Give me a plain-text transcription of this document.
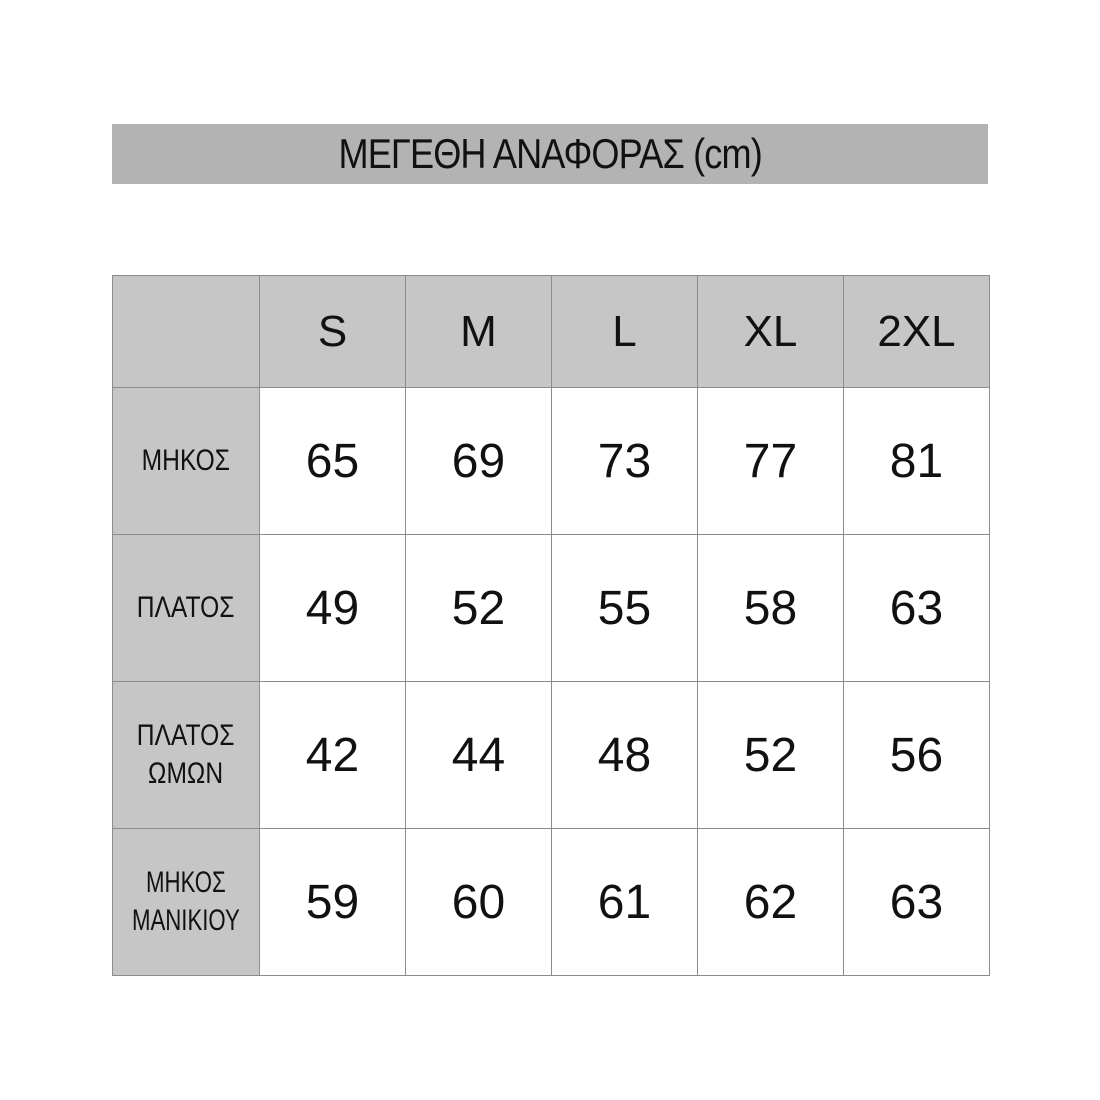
ΜΕΓΕΘΗ ΑΝΑΦΟΡΑΣ (cm)
	S	M	L	XL	2XL
ΜΗΚΟΣ	65	69	73	77	81
ΠΛΑΤΟΣ	49	52	55	58	63
ΠΛΑΤΟΣ
ΩΜΩΝ	42	44	48	52	56
ΜΗΚΟΣ
ΜΑΝΙΚΙΟΥ	59	60	61	62	63
